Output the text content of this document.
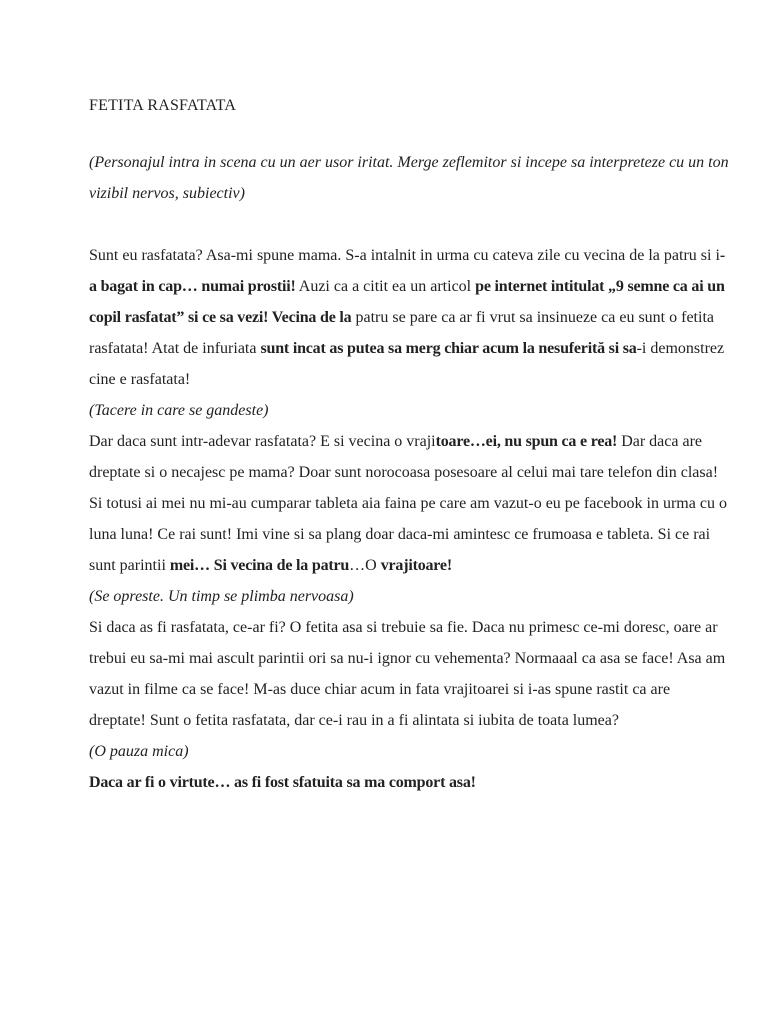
FETITA RASFATATA

(Personajul intra in scena cu un aer usor iritat. Merge zeflemitor si incepe sa interpreteze cu un ton vizibil nervos, subiectiv)

Sunt eu rasfatata? Asa-mi spune mama. S-a intalnit in urma cu cateva zile cu vecina de la patru si i-a bagat in cap… numai prostii! Auzi ca a citit ea un articol pe internet intitulat „9 semne ca ai un copil rasfatat” si ce sa vezi! Vecina de la patru se pare ca ar fi vrut sa insinueze ca eu sunt o fetita rasfatata! Atat de infuriata sunt incat as putea sa merg chiar acum la nesuferită si sa-i demonstrez cine e rasfatata!

(Tacere in care se gandeste)

Dar daca sunt intr-adevar rasfatata? E si vecina o vrajitoare…ei, nu spun ca e rea! Dar daca are dreptate si o necajesc pe mama? Doar sunt norocoasa posesoare al celui mai tare telefon din clasa! Si totusi ai mei nu mi-au cumparar tableta aia faina pe care am vazut-o eu pe facebook in urma cu o luna luna! Ce rai sunt! Imi vine si sa plang doar daca-mi amintesc ce frumoasa e tableta. Si ce rai sunt parintii mei… Si vecina de la patru…O vrajitoare!

(Se opreste. Un timp se plimba nervoasa)

Si daca as fi rasfatata, ce-ar fi? O fetita asa si trebuie sa fie. Daca nu primesc ce-mi doresc, oare ar trebui eu sa-mi mai ascult parintii ori sa nu-i ignor cu vehementa? Normaaal ca asa se face! Asa am vazut in filme ca se face! M-as duce chiar acum in fata vrajitoarei si i-as spune rastit ca are dreptate! Sunt o fetita rasfatata, dar ce-i rau in a fi alintata si iubita de toata lumea?

(O pauza mica)

Daca ar fi o virtute… as fi fost sfatuita sa ma comport asa!
